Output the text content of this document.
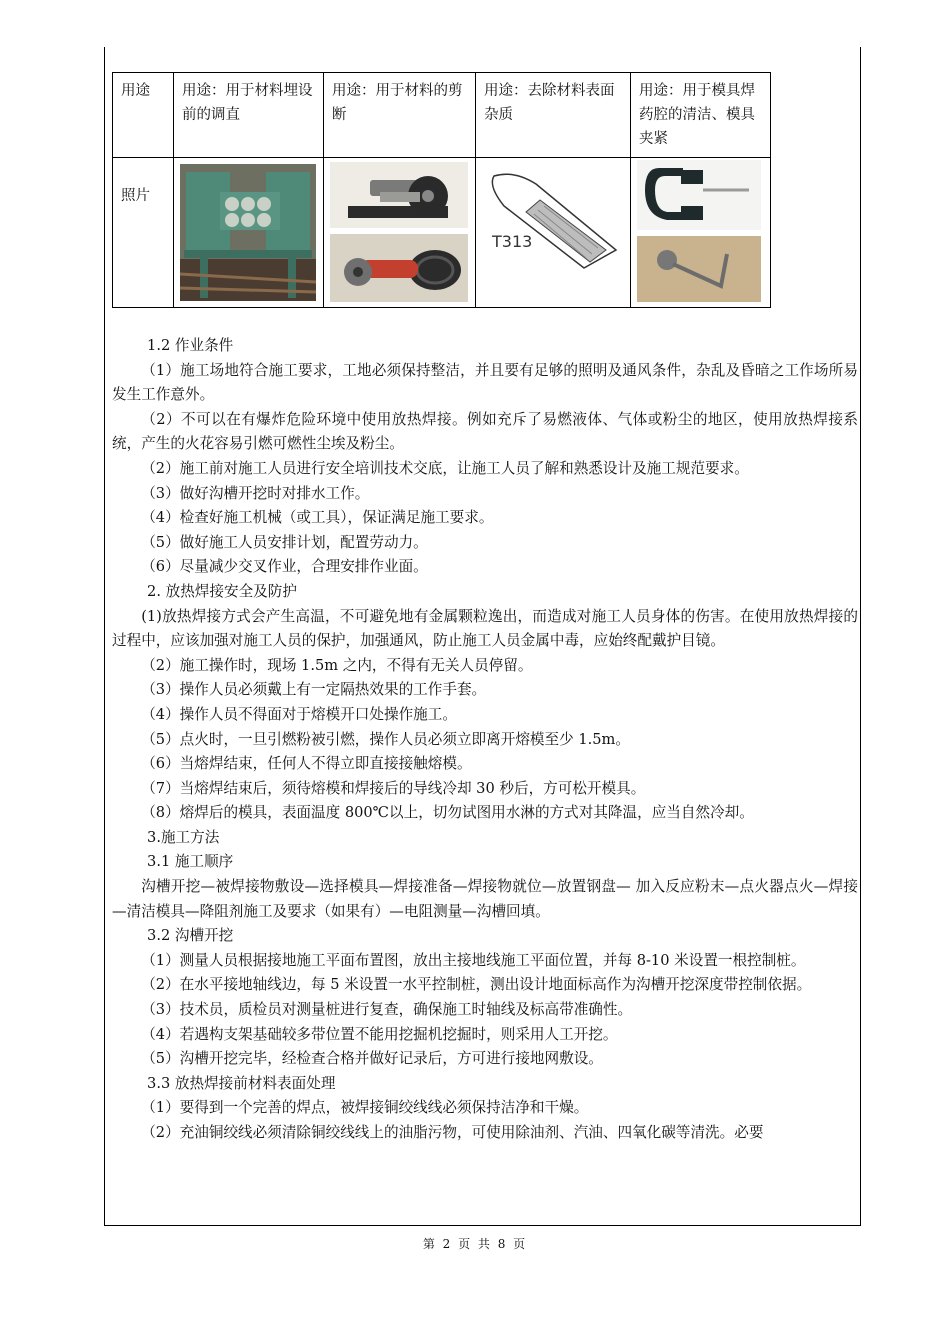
用途	用途：用于材料埋设前的调直	用途：用于材料的剪断	用途：去除材料表面杂质	用途：用于模具焊药腔的清洁、模具夹紧

照片			T313

1.2 作业条件

（1）施工场地符合施工要求，工地必须保持整洁，并且要有足够的照明及通风条件，杂乱及昏暗之工作场所易发生工作意外。

（2）不可以在有爆炸危险环境中使用放热焊接。例如充斥了易燃液体、气体或粉尘的地区，使用放热焊接系统，产生的火花容易引燃可燃性尘埃及粉尘。

（2）施工前对施工人员进行安全培训技术交底，让施工人员了解和熟悉设计及施工规范要求。

（3）做好沟槽开挖时对排水工作。

（4）检查好施工机械（或工具），保证满足施工要求。

（5）做好施工人员安排计划，配置劳动力。

（6）尽量减少交叉作业，合理安排作业面。

2. 放热焊接安全及防护

(1)放热焊接方式会产生高温，不可避免地有金属颗粒逸出，而造成对施工人员身体的伤害。在使用放热焊接的过程中，应该加强对施工人员的保护，加强通风，防止施工人员金属中毒，应始终配戴护目镜。

（2）施工操作时，现场 1.5m 之内，不得有无关人员停留。

（3）操作人员必须戴上有一定隔热效果的工作手套。

（4）操作人员不得面对于熔模开口处操作施工。

（5）点火时，一旦引燃粉被引燃，操作人员必须立即离开熔模至少 1.5m。

（6）当熔焊结束，任何人不得立即直接接触熔模。

（7）当熔焊结束后，须待熔模和焊接后的导线冷却 30 秒后，方可松开模具。

（8）熔焊后的模具，表面温度 800℃以上，切勿试图用水淋的方式对其降温，应当自然冷却。

3.施工方法

3.1 施工顺序

沟槽开挖—被焊接物敷设—选择模具—焊接准备—焊接物就位—放置钢盘— 加入反应粉末—点火器点火—焊接—清洁模具—降阻剂施工及要求（如果有）—电阻测量—沟槽回填。

3.2 沟槽开挖

（1）测量人员根据接地施工平面布置图，放出主接地线施工平面位置，并每 8-10 米设置一根控制桩。

（2）在水平接地轴线边，每 5 米设置一水平控制桩，测出设计地面标高作为沟槽开挖深度带控制依据。

（3）技术员，质检员对测量桩进行复查，确保施工时轴线及标高带准确性。

（4）若遇构支架基础较多带位置不能用挖掘机挖掘时，则采用人工开挖。

（5）沟槽开挖完毕，经检查合格并做好记录后，方可进行接地网敷设。

3.3 放热焊接前材料表面处理

（1）要得到一个完善的焊点，被焊接铜绞线线必须保持洁净和干燥。

（2）充油铜绞线必须清除铜绞线线上的油脂污物，可使用除油剂、汽油、四氧化碳等清洗。必要

第 2 页 共 8 页
